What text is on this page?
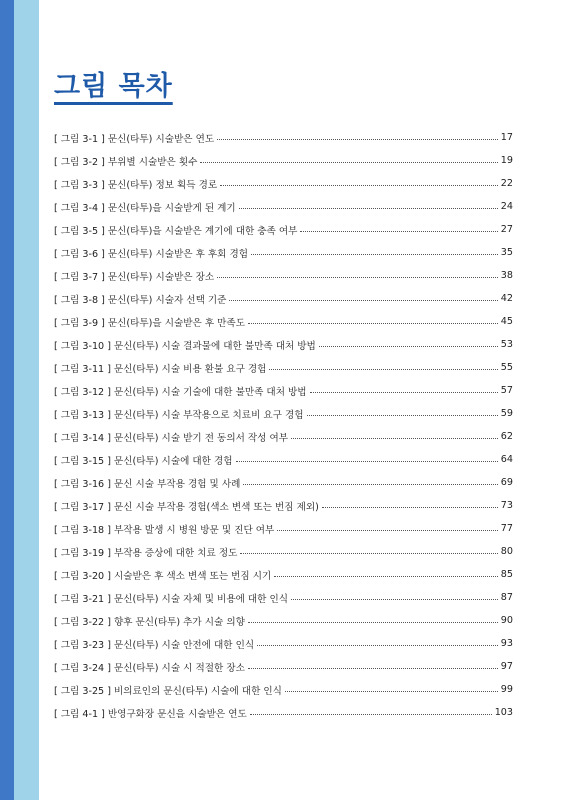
그림 목차
[ 그림 3-1 ] 문신(타투) 시술받은 연도	17
[ 그림 3-2 ] 부위별 시술받은 횟수	19
[ 그림 3-3 ] 문신(타투) 정보 획득 경로	22
[ 그림 3-4 ] 문신(타투)을 시술받게 된 계기	24
[ 그림 3-5 ] 문신(타투)을 시술받은 계기에 대한 충족 여부	27
[ 그림 3-6 ] 문신(타투) 시술받은 후 후회 경험	35
[ 그림 3-7 ] 문신(타투) 시술받은 장소	38
[ 그림 3-8 ] 문신(타투) 시술자 선택 기준	42
[ 그림 3-9 ] 문신(타투)을 시술받은 후 만족도	45
[ 그림 3-10 ] 문신(타투) 시술 결과물에 대한 불만족 대처 방법	53
[ 그림 3-11 ] 문신(타투) 시술 비용 환불 요구 경험	55
[ 그림 3-12 ] 문신(타투) 시술 기술에 대한 불만족 대처 방법	57
[ 그림 3-13 ] 문신(타투) 시술 부작용으로 치료비 요구 경험	59
[ 그림 3-14 ] 문신(타투) 시술 받기 전 동의서 작성 여부	62
[ 그림 3-15 ] 문신(타투) 시술에 대한 경험	64
[ 그림 3-16 ] 문신 시술 부작용 경험 및 사례	69
[ 그림 3-17 ] 문신 시술 부작용 경험(색소 변색 또는 번짐 제외)	73
[ 그림 3-18 ] 부작용 발생 시 병원 방문 및 진단 여부	77
[ 그림 3-19 ] 부작용 증상에 대한 치료 정도	80
[ 그림 3-20 ] 시술받은 후 색소 변색 또는 번짐 시기	85
[ 그림 3-21 ] 문신(타투) 시술 자체 및 비용에 대한 인식	87
[ 그림 3-22 ] 향후 문신(타투) 추가 시술 의향	90
[ 그림 3-23 ] 문신(타투) 시술 안전에 대한 인식	93
[ 그림 3-24 ] 문신(타투) 시술 시 적절한 장소	97
[ 그림 3-25 ] 비의료인의 문신(타투) 시술에 대한 인식	99
[ 그림 4-1 ] 반영구화장 문신을 시술받은 연도	103
